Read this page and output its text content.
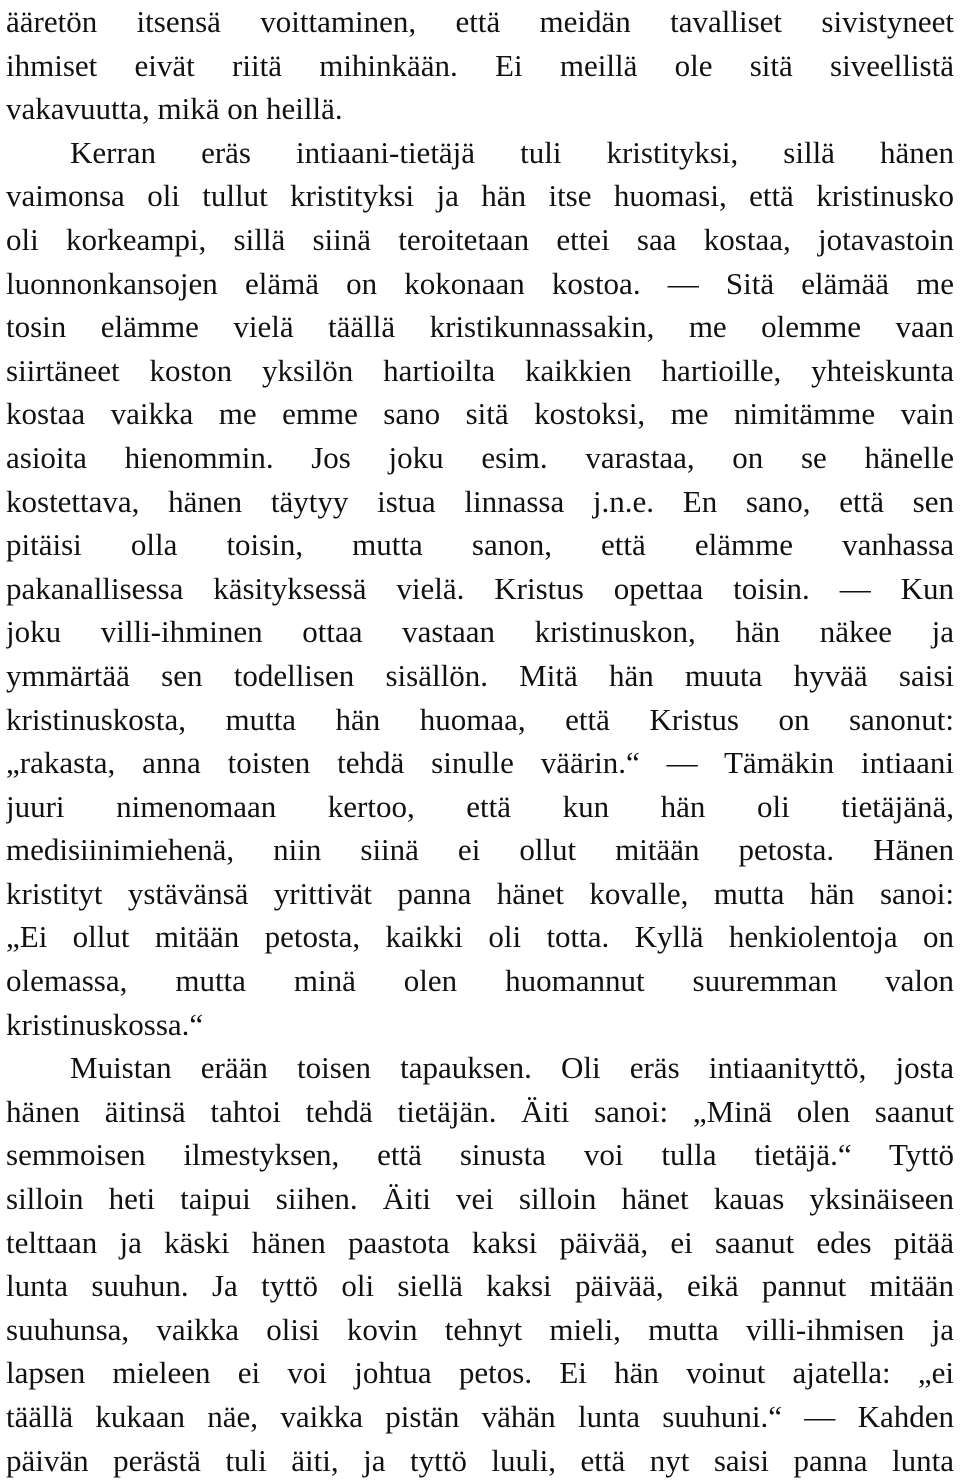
ääretön itsensä voittaminen, että meidän tavalliset sivistyneet
ihmiset eivät riitä mihinkään. Ei meillä ole sitä siveellistä
vakavuutta, mikä on heillä.
Kerran eräs intiaani-tietäjä tuli kristityksi, sillä hänen
vaimonsa oli tullut kristityksi ja hän itse huomasi, että kristinusko
oli korkeampi, sillä siinä teroitetaan ettei saa kostaa, jotavastoin
luonnonkansojen elämä on kokonaan kostoa. — Sitä elämää me
tosin elämme vielä täällä kristikunnassakin, me olemme vaan
siirtäneet koston yksilön hartioilta kaikkien hartioille, yhteiskunta
kostaa vaikka me emme sano sitä kostoksi, me nimitämme vain
asioita hienommin. Jos joku esim. varastaa, on se hänelle
kostettava, hänen täytyy istua linnassa j.n.e. En sano, että sen
pitäisi olla toisin, mutta sanon, että elämme vanhassa
pakanallisessa käsityksessä vielä. Kristus opettaa toisin. — Kun
joku villi-ihminen ottaa vastaan kristinuskon, hän näkee ja
ymmärtää sen todellisen sisällön. Mitä hän muuta hyvää saisi
kristinuskosta, mutta hän huomaa, että Kristus on sanonut:
„rakasta, anna toisten tehdä sinulle väärin.“ — Tämäkin intiaani
juuri nimenomaan kertoo, että kun hän oli tietäjänä,
medisiinimiehenä, niin siinä ei ollut mitään petosta. Hänen
kristityt ystävänsä yrittivät panna hänet kovalle, mutta hän sanoi:
„Ei ollut mitään petosta, kaikki oli totta. Kyllä henkiolentoja on
olemassa, mutta minä olen huomannut suuremman valon
kristinuskossa.“
Muistan erään toisen tapauksen. Oli eräs intiaanityttö, josta
hänen äitinsä tahtoi tehdä tietäjän. Äiti sanoi: „Minä olen saanut
semmoisen ilmestyksen, että sinusta voi tulla tietäjä.“ Tyttö
silloin heti taipui siihen. Äiti vei silloin hänet kauas yksinäiseen
telttaan ja käski hänen paastota kaksi päivää, ei saanut edes pitää
lunta suuhun. Ja tyttö oli siellä kaksi päivää, eikä pannut mitään
suuhunsa, vaikka olisi kovin tehnyt mieli, mutta villi-ihmisen ja
lapsen mieleen ei voi johtua petos. Ei hän voinut ajatella: „ei
täällä kukaan näe, vaikka pistän vähän lunta suuhuni.“ — Kahden
päivän perästä tuli äiti, ja tyttö luuli, että nyt saisi panna lunta
